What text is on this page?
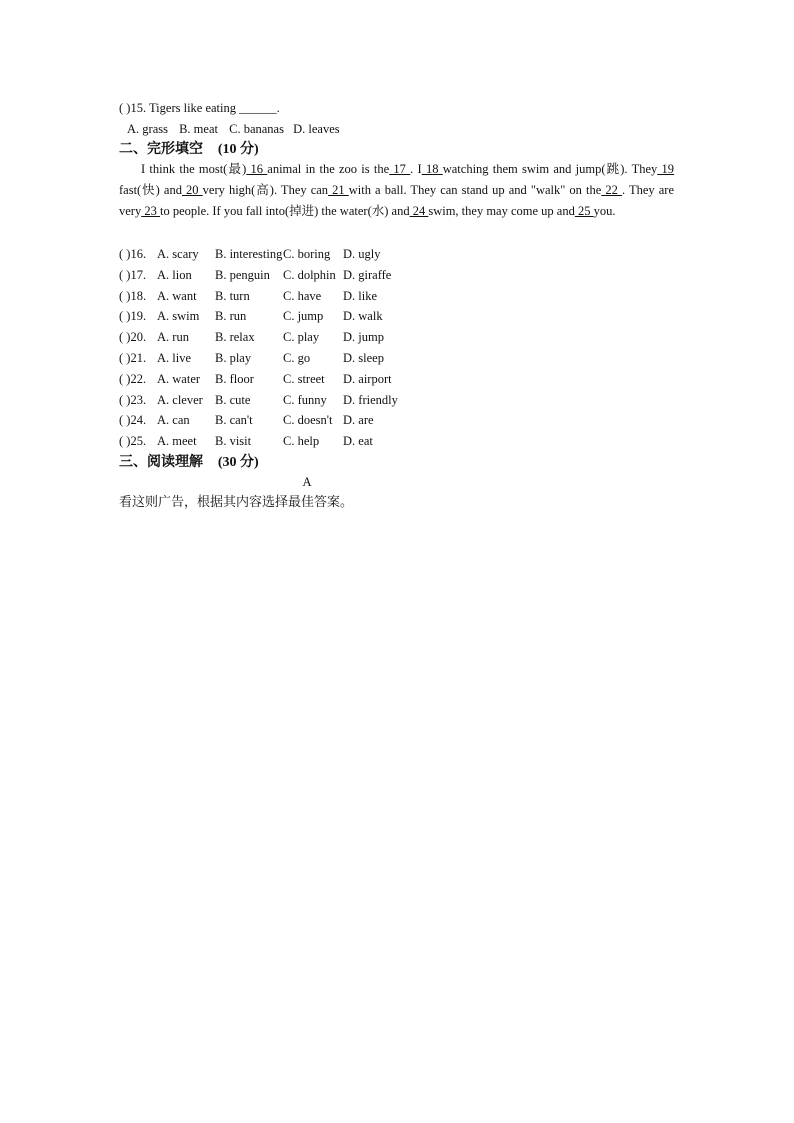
( )15. Tigers like eating ______.
A. grass B. meat C. bananas D. leaves
二、完形填空 (10 分)
I think the most(最) 16 animal in the zoo is the 17 . I 18 watching them swim and jump(跳). They 19 fast(快) and 20 very high(高). They can 21 with a ball. They can stand up and "walk" on the 22 . They are very 23 to people. If you fall into(掉进) the water(水) and 24 swim, they may come up and 25 you.
( )16. A. scary B. interesting C. boring D. ugly
( )17. A. lion B. penguin C. dolphin D. giraffe
( )18. A. want B. turn	C. have D. like
( )19. A. swim B. run	C. jump D. walk
( )20. A. run B. relax C. play D. jump
( )21. A. live B. play	C. go	D. sleep
( )22. A. water B. floor C. street D. airport
( )23. A. clever B. cute	C. funny D. friendly
( )24. A. can B. can't C. doesn't D. are
( )25. A. meet B. visit	C. help D. eat
三、阅读理解 (30 分)
A
看这则广告，根据其内容选择最佳答案。
